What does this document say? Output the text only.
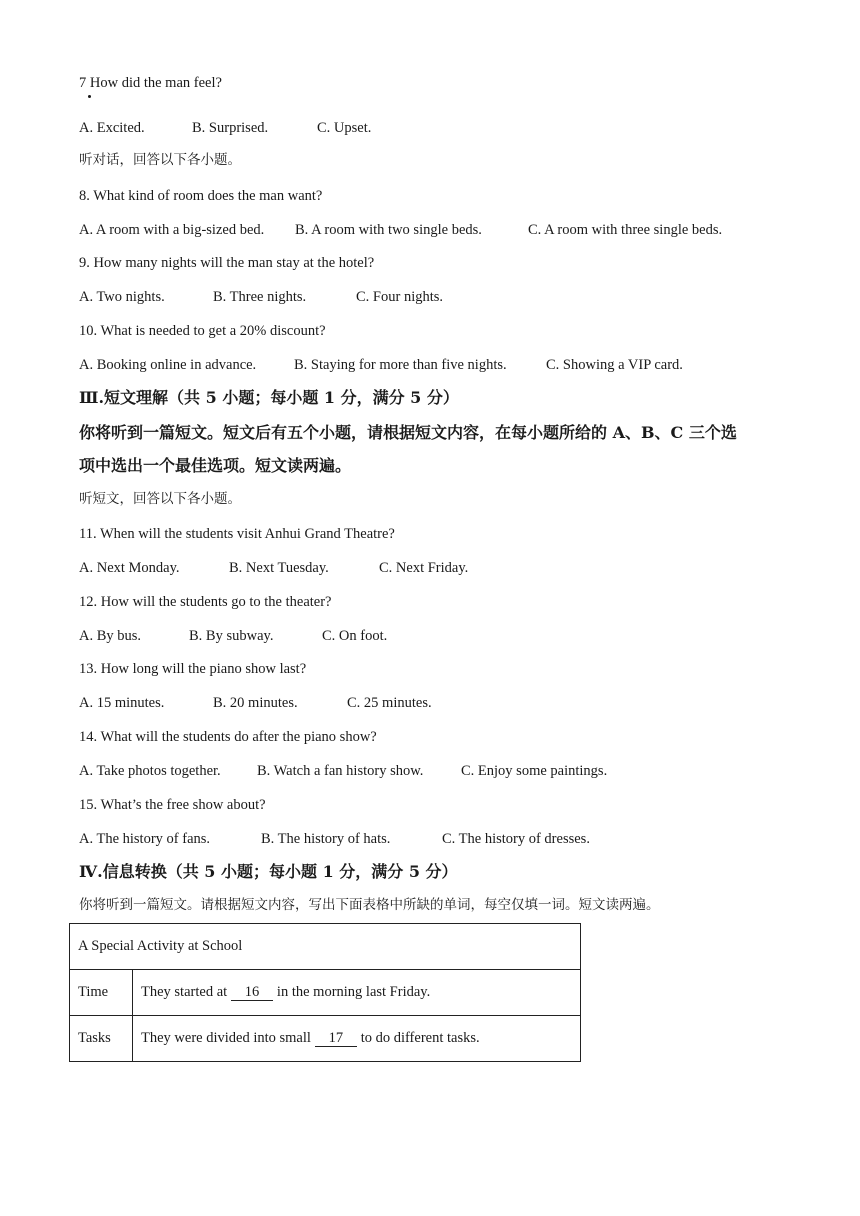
7 How did the man feel?
A. Excited.	B. Surprised.	C. Upset.
听对话，回答以下各小题。
8. What kind of room does the man want?
A. A room with a big-sized bed. B. A room with two single beds.	C. A room with three single beds.
9. How many nights will the man stay at the hotel?
A. Two nights.	B. Three nights.	C. Four nights.
10. What is needed to get a 20% discount?
A. Booking online in advance.	B. Staying for more than five nights.	C. Showing a VIP card.
Ⅲ.短文理解（共 5 小题；每小题 1 分，满分 5 分）
你将听到一篇短文。短文后有五个小题，请根据短文内容，在每小题所给的 A、B、C 三个选
项中选出一个最佳选项。短文读两遍。
听短文，回答以下各小题。
11. When will the students visit Anhui Grand Theatre?
A. Next Monday.	B. Next Tuesday.	C. Next Friday.
12. How will the students go to the theater?
A. By bus.	B. By subway.	C. On foot.
13. How long will the piano show last?
A. 15 minutes.	B. 20 minutes.	C. 25 minutes.
14. What will the students do after the piano show?
A. Take photos together.	B. Watch a fan history show.	C. Enjoy some paintings.
15. What’s the free show about?
A. The history of fans.	B. The history of hats.	C. The history of dresses.
Ⅳ.信息转换（共 5 小题；每小题 1 分，满分 5 分）
你将听到一篇短文。请根据短文内容，写出下面表格中所缺的单词，每空仅填一词。短文读两遍。
A Special Activity at School	
Time	They started at 16 in the morning last Friday.
Tasks	They were divided into small 17 to do different tasks.
